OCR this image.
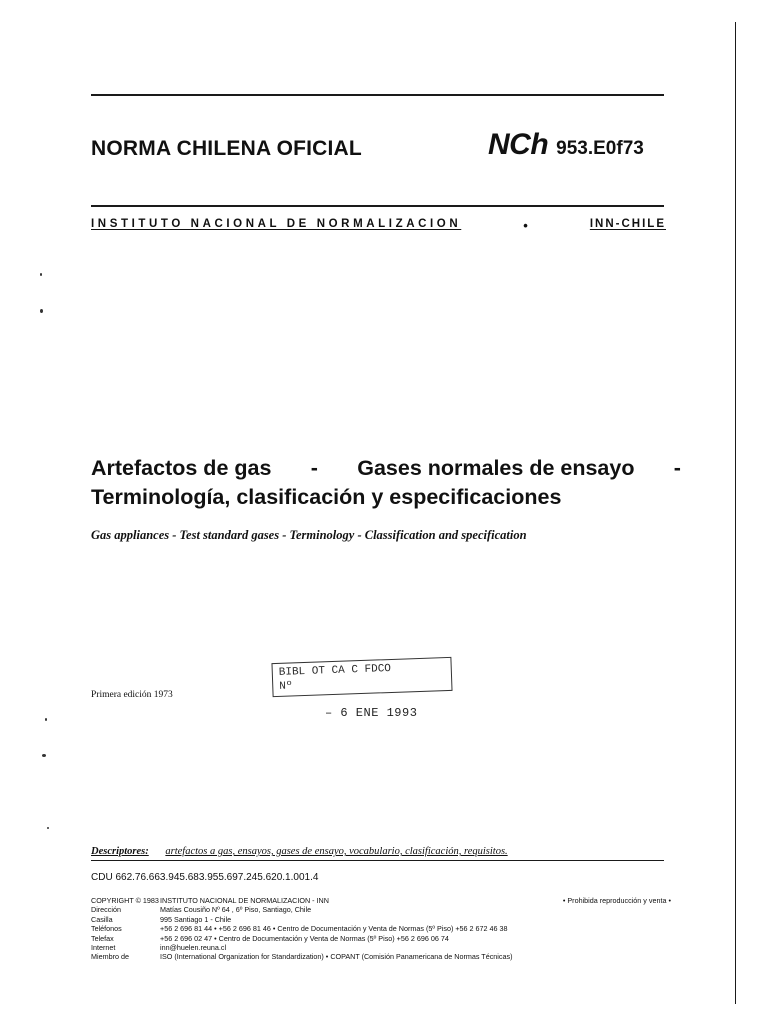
NORMA CHILENA OFICIAL	NCh 953.E0f73
INSTITUTO NACIONAL DE NORMALIZACION	•	INN-CHILE
Artefactos de gas - Gases normales de ensayo -
Terminología, clasificación y especificaciones
Gas appliances - Test standard gases - Terminology - Classification and specification
Primera edición 1973
BIBL OT CA C FDCO
Nº
– 6 ENE 1993
Descriptores: artefactos a gas, ensayos, gases de ensayo, vocabulario, clasificación, requisitos.
CDU 662.76.663.945.683.955.697.245.620.1.001.4
COPYRIGHT © 1983 INSTITUTO NACIONAL DE NORMALIZACION - INN	• Prohibida reproducción y venta •
Dirección	Matías Cousiño Nº 64 , 6º Piso, Santiago, Chile
Casilla	995 Santiago 1 - Chile
Teléfonos	+56 2 696 81 44 • +56 2 696 81 46 • Centro de Documentación y Venta de Normas (5º Piso) +56 2 672 46 38
Telefax	+56 2 696 02 47 • Centro de Documentación y Venta de Normas (5º Piso) +56 2 696 06 74
Internet	inn@huelen.reuna.cl
Miembro de	ISO (International Organization for Standardization) • COPANT (Comisión Panamericana de Normas Técnicas)
